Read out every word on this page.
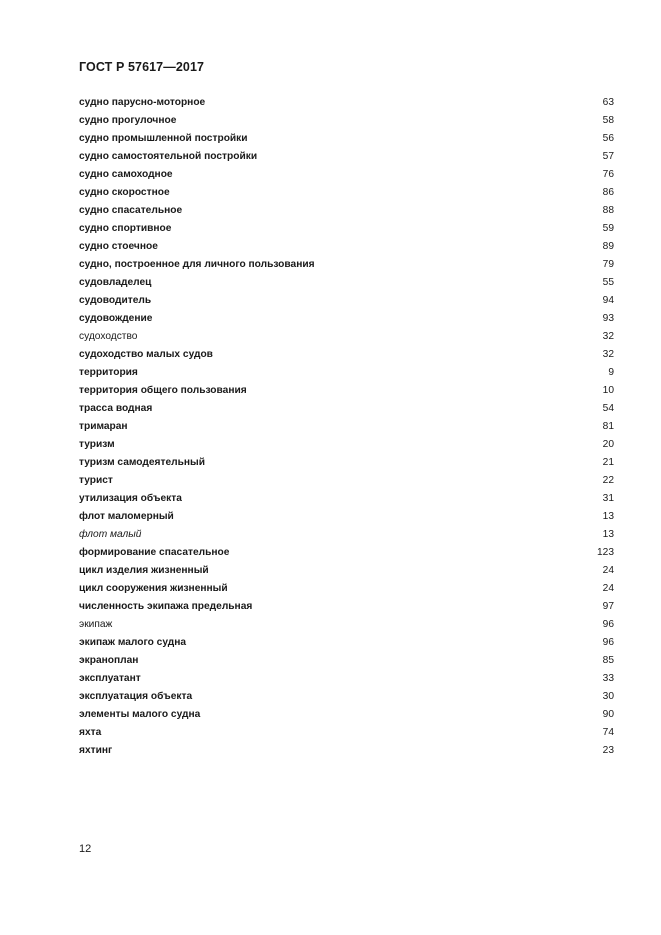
ГОСТ Р 57617—2017
судно парусно-моторное	63
судно прогулочное	58
судно промышленной постройки	56
судно самостоятельной постройки	57
судно самоходное	76
судно скоростное	86
судно спасательное	88
судно спортивное	59
судно стоечное	89
судно, построенное для личного пользования	79
судовладелец	55
судоводитель	94
судовождение	93
судоходство	32
судоходство малых судов	32
территория	9
территория общего пользования	10
трасса водная	54
тримаран	81
туризм	20
туризм самодеятельный	21
турист	22
утилизация объекта	31
флот маломерный	13
флот малый	13
формирование спасательное	123
цикл изделия жизненный	24
цикл сооружения жизненный	24
численность экипажа предельная	97
экипаж	96
экипаж малого судна	96
экраноплан	85
эксплуатант	33
эксплуатация объекта	30
элементы малого судна	90
яхта	74
яхтинг	23
12
